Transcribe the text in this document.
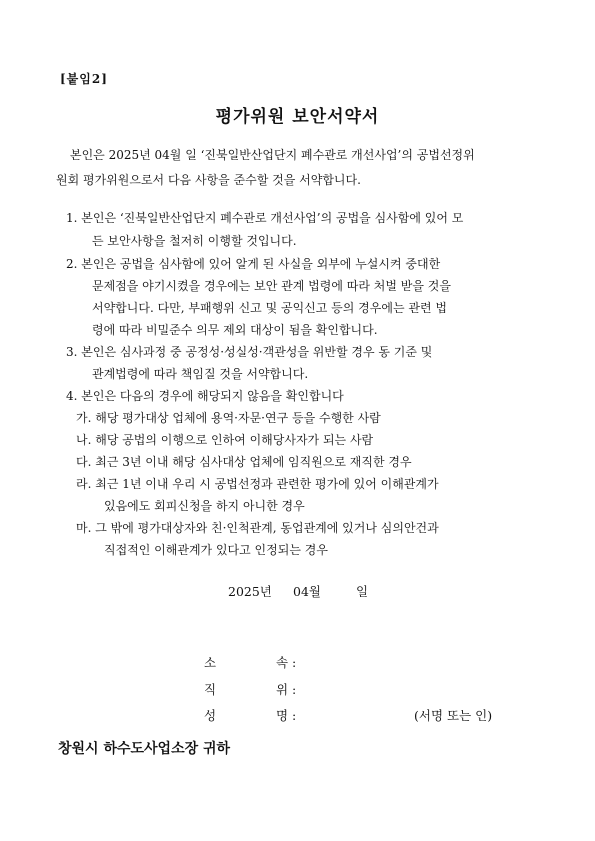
[붙임2]
평가위원 보안서약서
본인은 2025년 04월 일 ‘진북일반산업단지 폐수관로 개선사업’의 공법선정위
원회 평가위원으로서 다음 사항을 준수할 것을 서약합니다.
1. 본인은 ‘진북일반산업단지 폐수관로 개선사업’의 공법을 심사함에 있어 모
든 보안사항을 철저히 이행할 것입니다.
2. 본인은 공법을 심사함에 있어 알게 된 사실을 외부에 누설시켜 중대한
문제점을 야기시켰을 경우에는 보안 관계 법령에 따라 처벌 받을 것을
서약합니다. 다만, 부패행위 신고 및 공익신고 등의 경우에는 관련 법
령에 따라 비밀준수 의무 제외 대상이 됨을 확인합니다.
3. 본인은 심사과정 중 공정성·성실성·객관성을 위반할 경우 동 기준 및
관계법령에 따라 책임질 것을 서약합니다.
4. 본인은 다음의 경우에 해당되지 않음을 확인합니다
가. 해당 평가대상 업체에 용역·자문·연구 등을 수행한 사람
나. 해당 공법의 이행으로 인하여 이해당사자가 되는 사람
다. 최근 3년 이내 해당 심사대상 업체에 임직원으로 재직한 경우
라. 최근 1년 이내 우리 시 공법선정과 관련한 평가에 있어 이해관계가
있음에도 회피신청을 하지 아니한 경우
마. 그 밖에 평가대상자와 친·인척관계, 동업관계에 있거나 심의안건과
직접적인 이해관계가 있다고 인정되는 경우
2025년 04월	일
소	속 :
직	위 :
성	명 :	(서명 또는 인)
창원시 하수도사업소장 귀하
